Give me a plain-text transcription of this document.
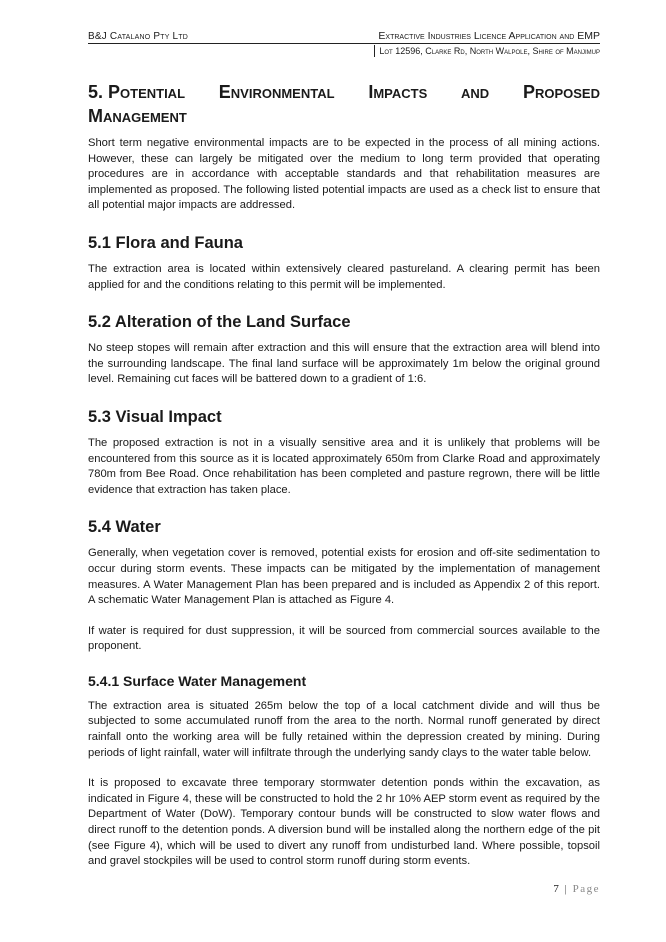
B&J Catalano Pty Ltd	Extractive Industries Licence Application and EMP
Lot 12596, Clarke Rd, North Walpole, Shire of Manjimup
5. Potential Environmental Impacts and Proposed
Management

Short term negative environmental impacts are to be expected in the process of all mining actions. However, these can largely be mitigated over the medium to long term provided that operating procedures are in accordance with acceptable standards and that rehabilitation measures are implemented as proposed. The following listed potential impacts are used as a check list to ensure that all potential major impacts are addressed.

5.1 Flora and Fauna

The extraction area is located within extensively cleared pastureland. A clearing permit has been applied for and the conditions relating to this permit will be implemented.

5.2 Alteration of the Land Surface

No steep stopes will remain after extraction and this will ensure that the extraction area will blend into the surrounding landscape. The final land surface will be approximately 1m below the original ground level. Remaining cut faces will be battered down to a gradient of 1:6.

5.3 Visual Impact

The proposed extraction is not in a visually sensitive area and it is unlikely that problems will be encountered from this source as it is located approximately 650m from Clarke Road and approximately 780m from Bee Road. Once rehabilitation has been completed and pasture regrown, there will be little evidence that extraction has taken place.

5.4 Water

Generally, when vegetation cover is removed, potential exists for erosion and off-site sedimentation to occur during storm events. These impacts can be mitigated by the implementation of management measures. A Water Management Plan has been prepared and is included as Appendix 2 of this report. A schematic Water Management Plan is attached as Figure 4.

If water is required for dust suppression, it will be sourced from commercial sources available to the proponent.

5.4.1 Surface Water Management

The extraction area is situated 265m below the top of a local catchment divide and will thus be subjected to some accumulated runoff from the area to the north. Normal runoff generated by direct rainfall onto the working area will be fully retained within the depression created by mining. During periods of light rainfall, water will infiltrate through the underlying sandy clays to the water table below.

It is proposed to excavate three temporary stormwater detention ponds within the excavation, as indicated in Figure 4, these will be constructed to hold the 2 hr 10% AEP storm event as required by the Department of Water (DoW). Temporary contour bunds will be constructed to slow water flows and direct runoff to the detention ponds. A diversion bund will be installed along the northern edge of the pit (see Figure 4), which will be used to divert any runoff from undisturbed land. Where possible, topsoil and gravel stockpiles will be used to control storm runoff during storm events.

7 | Page
